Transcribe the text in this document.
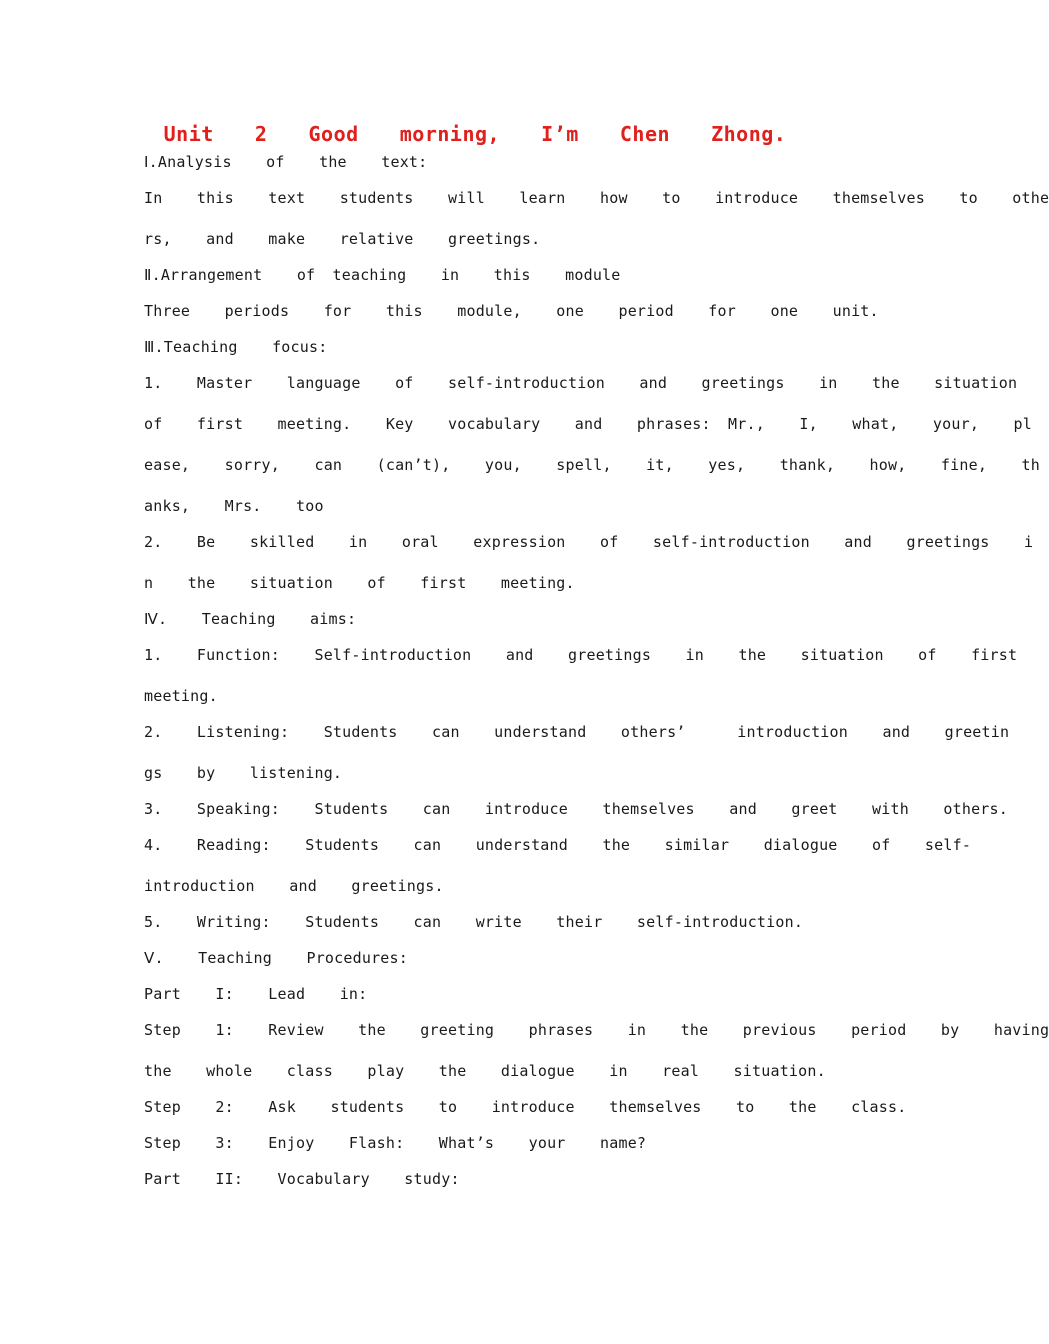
Unit  2  Good  morning,  I’m  Chen  Zhong.
Ⅰ.Analysis  of  the  text:
In  this  text  students  will  learn  how  to  introduce  themselves  to  othe
rs,  and  make  relative  greetings.
Ⅱ.Arrangement  of teaching  in  this  module
Three  periods  for  this  module,  one  period  for  one  unit.
Ⅲ.Teaching  focus:
1.  Master  language  of  self-introduction  and  greetings  in  the  situation
of  first  meeting.  Key  vocabulary  and  phrases: Mr.,  I,  what,  your,  pl
ease,  sorry,  can  (can’t),  you,  spell,  it,  yes,  thank,  how,  fine,  th
anks,  Mrs.  too
2.  Be  skilled  in  oral  expression  of  self-introduction  and  greetings  i
n  the  situation  of  first  meeting.
Ⅳ.  Teaching  aims:
1.  Function:  Self-introduction  and  greetings  in  the  situation  of  first
meeting.
2.  Listening:  Students  can  understand  others’   introduction  and  greetin
gs  by  listening.
3.  Speaking:  Students  can  introduce  themselves  and  greet  with  others.
4.  Reading:  Students  can  understand  the  similar  dialogue  of  self-
introduction  and  greetings.
5.  Writing:  Students  can  write  their  self-introduction.
Ⅴ.  Teaching  Procedures:
Part  I:  Lead  in:
Step  1:  Review  the  greeting  phrases  in  the  previous  period  by  having
the  whole  class  play  the  dialogue  in  real  situation.
Step  2:  Ask  students  to  introduce  themselves  to  the  class.
Step  3:  Enjoy  Flash:  What’s  your  name?
Part  II:  Vocabulary  study:
